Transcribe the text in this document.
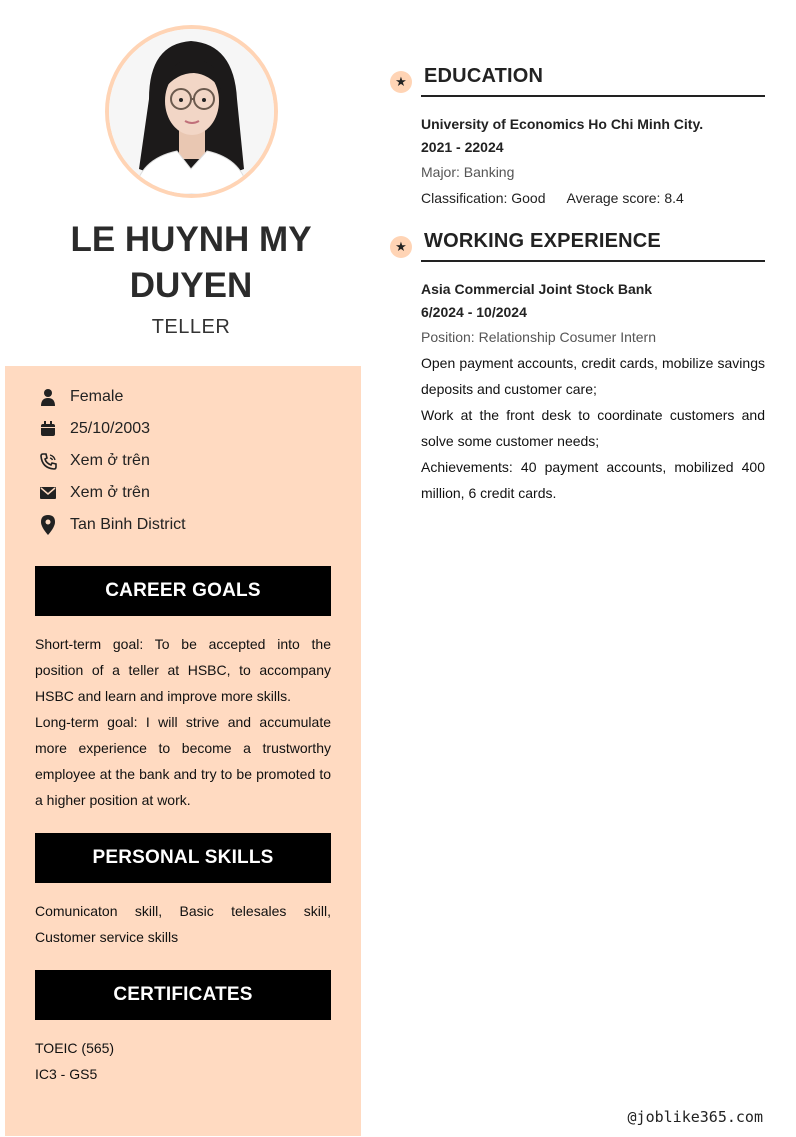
LE HUYNH MY DUYEN
TELLER
Female
25/10/2003
Xem ở trên
Xem ở trên
Tan Binh District
CAREER GOALS

Short-term goal: To be accepted into the position of a teller at HSBC, to accompany HSBC and learn and improve more skills.

Long-term goal: I will strive and accumulate more experience to become a trustworthy employee at the bank and try to be promoted to a higher position at work.

PERSONAL SKILLS

Comunicaton skill, Basic telesales skill, Customer service skills

CERTIFICATES

TOEIC (565)

IC3 - GS5

★ EDUCATION
University of Economics Ho Chi Minh City.
2021 - 22024
Major: Banking
Classification: Good Average score: 8.4
★ WORKING EXPERIENCE
Asia Commercial Joint Stock Bank
6/2024 - 10/2024
Position: Relationship Cosumer Intern

Open payment accounts, credit cards, mobilize savings deposits and customer care;

Work at the front desk to coordinate customers and solve some customer needs;

Achievements: 40 payment accounts, mobilized 400 million, 6 credit cards.

@joblike365.com
